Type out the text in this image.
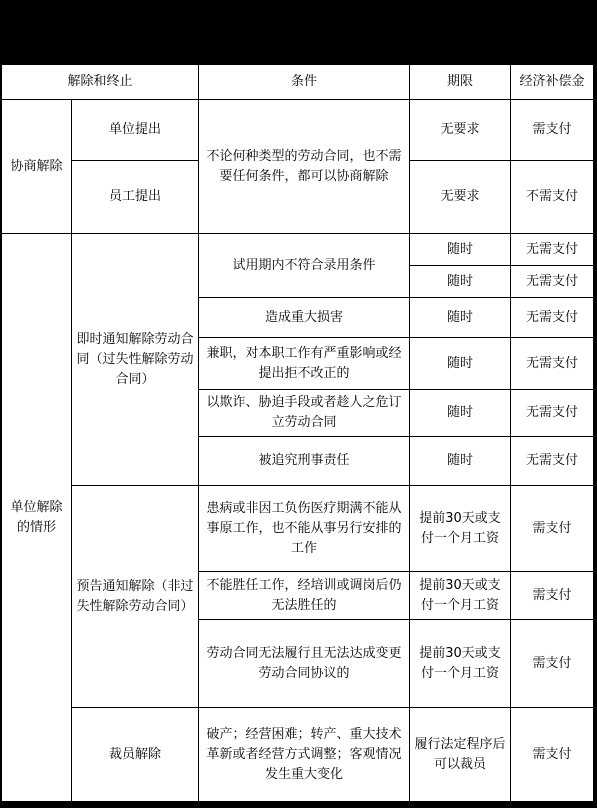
解除和终止		条件	期限	经济补偿金
协商解除	单位提出	不论何种类型的劳动合同，也不需要任何条件，都可以协商解除	无要求	需支付
	员工提出		无要求	不需支付
单位解除的情形	即时通知解除劳动合同（过失性解除劳动合同）	试用期内不符合录用条件	随时	无需支付
			随时	无需支付
		造成重大损害	随时	无需支付
		兼职，对本职工作有严重影响或经提出拒不改正的	随时	无需支付
		以欺诈、胁迫手段或者趁人之危订立劳动合同	随时	无需支付
		被追究刑事责任	随时	无需支付
	预告通知解除（非过失性解除劳动合同）	患病或非因工负伤医疗期满不能从事原工作，也不能从事另行安排的工作	提前30天或支付一个月工资	需支付
		不能胜任工作，经培训或调岗后仍无法胜任的	提前30天或支付一个月工资	需支付
		劳动合同无法履行且无法达成变更劳动合同协议的	提前30天或支付一个月工资	需支付
	裁员解除	破产；经营困难；转产、重大技术革新或者经营方式调整；客观情况发生重大变化	履行法定程序后可以裁员	需支付
